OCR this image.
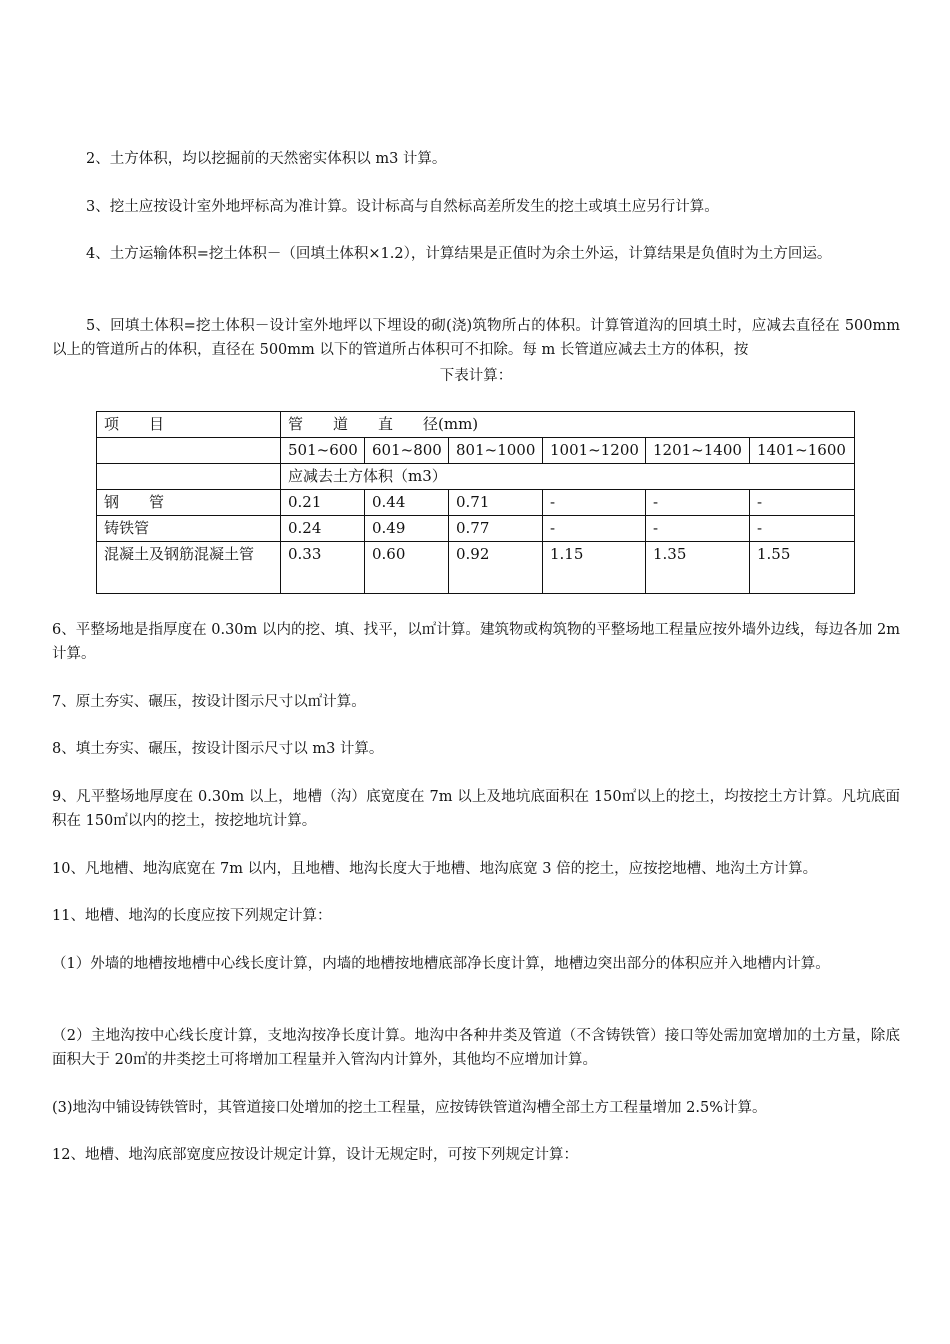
2、土方体积，均以挖掘前的天然密实体积以 m3 计算。

3、挖土应按设计室外地坪标高为准计算。设计标高与自然标高差所发生的挖土或填土应另行计算。

4、土方运输体积=挖土体积－（回填土体积×1.2），计算结果是正值时为余土外运，计算结果是负值时为土方回运。

5、回填土体积=挖土体积－设计室外地坪以下埋设的砌(浇)筑物所占的体积。计算管道沟的回填土时，应减去直径在 500mm 以上的管道所占的体积，直径在 500mm 以下的管道所占体积可不扣除。每 m 长管道应减去土方的体积，按

下表计算：

项　　目	管　　道　　直　　径(mm)					
	501~600	601~800	801~1000	1001~1200	1201~1400	1401~1600
	应减去土方体积（m3）					
钢　　管	0.21	0.44	0.71	-	-	-
铸铁管	0.24	0.49	0.77	-	-	-
混凝土及钢筋混凝土管	0.33	0.60	0.92	1.15	1.35	1.55

6、平整场地是指厚度在 0.30m 以内的挖、填、找平，以㎡计算。建筑物或构筑物的平整场地工程量应按外墙外边线，每边各加 2m 计算。

7、原土夯实、碾压，按设计图示尺寸以㎡计算。

8、填土夯实、碾压，按设计图示尺寸以 m3 计算。

9、凡平整场地厚度在 0.30m 以上，地槽（沟）底宽度在 7m 以上及地坑底面积在 150㎡以上的挖土，均按挖土方计算。凡坑底面积在 150㎡以内的挖土，按挖地坑计算。

10、凡地槽、地沟底宽在 7m 以内，且地槽、地沟长度大于地槽、地沟底宽 3 倍的挖土，应按挖地槽、地沟土方计算。

11、地槽、地沟的长度应按下列规定计算：

（1）外墙的地槽按地槽中心线长度计算，内墙的地槽按地槽底部净长度计算，地槽边突出部分的体积应并入地槽内计算。

（2）主地沟按中心线长度计算，支地沟按净长度计算。地沟中各种井类及管道（不含铸铁管）接口等处需加宽增加的土方量，除底面积大于 20㎡的井类挖土可将增加工程量并入管沟内计算外，其他均不应增加计算。

(3)地沟中铺设铸铁管时，其管道接口处增加的挖土工程量，应按铸铁管道沟槽全部土方工程量增加 2.5%计算。

12、地槽、地沟底部宽度应按设计规定计算，设计无规定时，可按下列规定计算：
